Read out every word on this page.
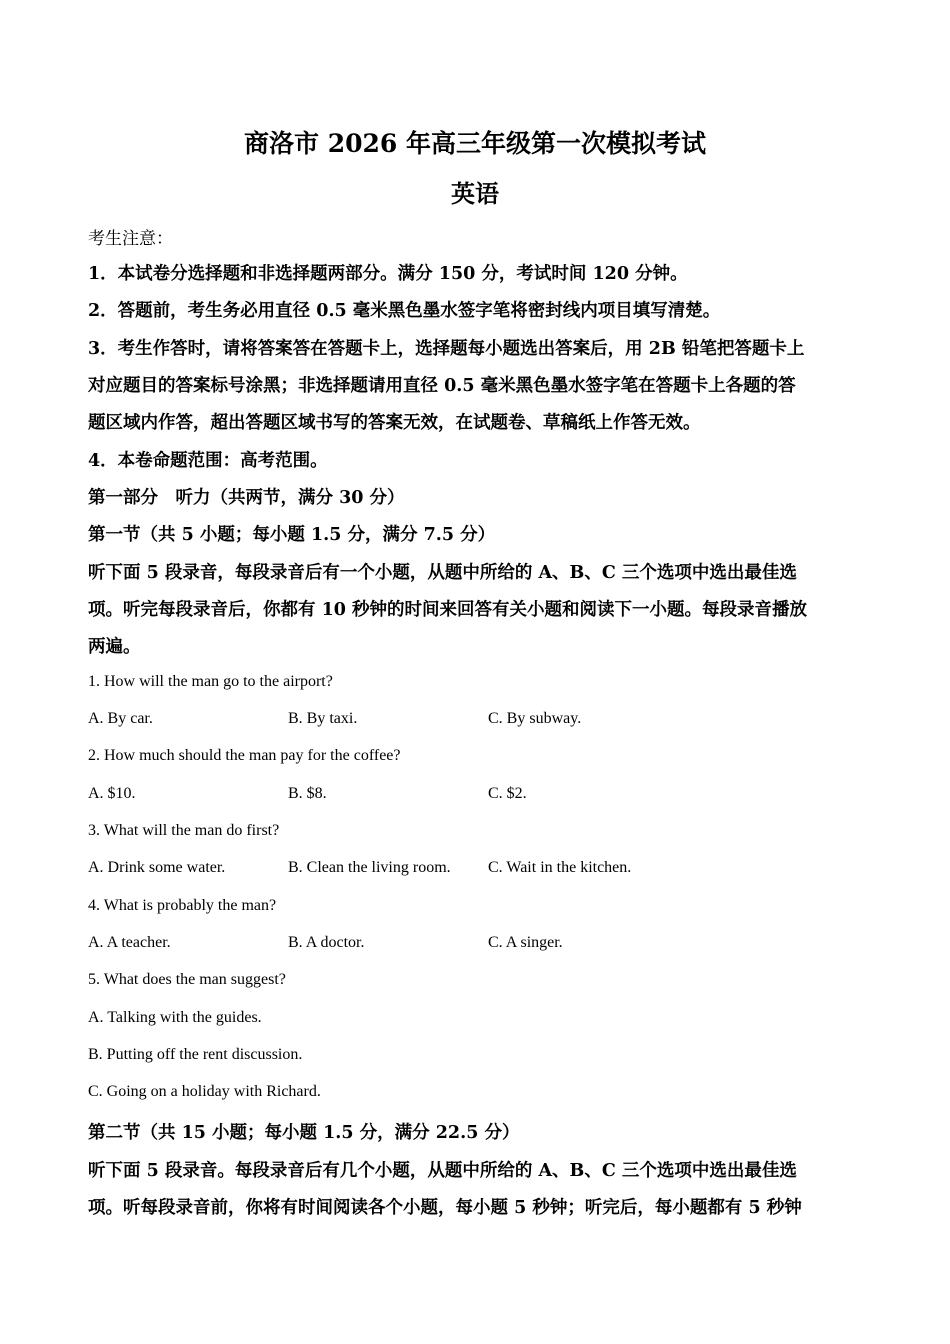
商洛市 2026 年高三年级第一次模拟考试
英语
考生注意：
1．本试卷分选择题和非选择题两部分。满分 150 分，考试时间 120 分钟。
2．答题前，考生务必用直径 0.5 毫米黑色墨水签字笔将密封线内项目填写清楚。
3．考生作答时，请将答案答在答题卡上，选择题每小题选出答案后，用 2B 铅笔把答题卡上
对应题目的答案标号涂黑；非选择题请用直径 0.5 毫米黑色墨水签字笔在答题卡上各题的答
题区域内作答，超出答题区域书写的答案无效，在试题卷、草稿纸上作答无效。
4．本卷命题范围：高考范围。
第一部分　听力（共两节，满分 30 分）
第一节（共 5 小题；每小题 1.5 分，满分 7.5 分）
听下面 5 段录音，每段录音后有一个小题，从题中所给的 A、B、C 三个选项中选出最佳选
项。听完每段录音后，你都有 10 秒钟的时间来回答有关小题和阅读下一小题。每段录音播放
两遍。
1. How will the man go to the airport?
A. By car.	B. By taxi.	C. By subway.
2. How much should the man pay for the coffee?
A. $10.	B. $8.	C. $2.
3. What will the man do first?
A. Drink some water.	B. Clean the living room. C. Wait in the kitchen.
4. What is probably the man?
A. A teacher.	B. A doctor.	C. A singer.
5. What does the man suggest?
A. Talking with the guides.
B. Putting off the rent discussion.
C. Going on a holiday with Richard.
第二节（共 15 小题；每小题 1.5 分，满分 22.5 分）
听下面 5 段录音。每段录音后有几个小题，从题中所给的 A、B、C 三个选项中选出最佳选
项。听每段录音前，你将有时间阅读各个小题，每小题 5 秒钟；听完后，每小题都有 5 秒钟
